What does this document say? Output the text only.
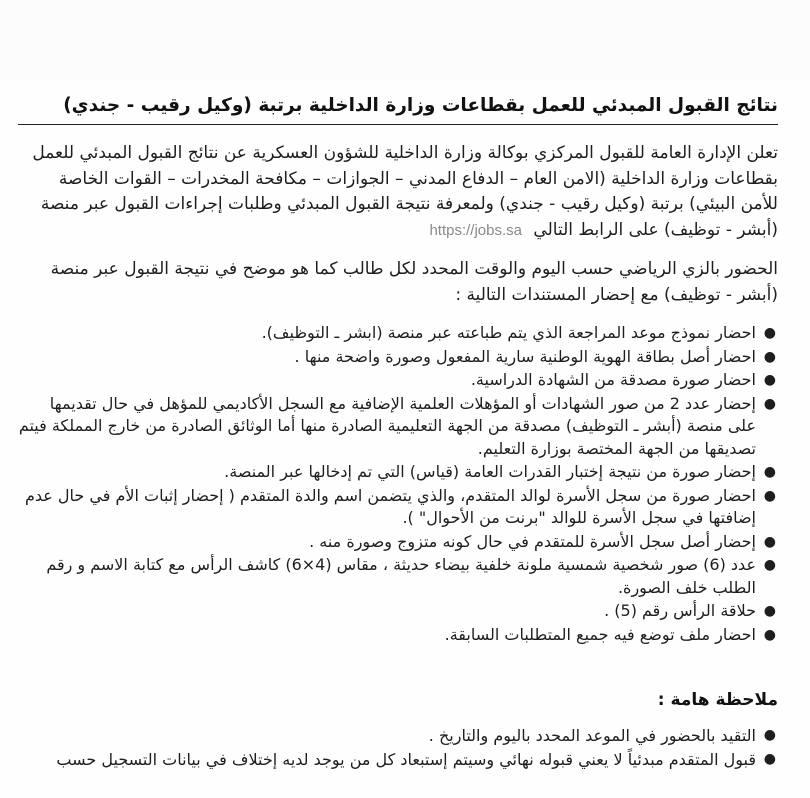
نتائج القبول المبدئي للعمل بقطاعات وزارة الداخلية برتبة (وكيل رقيب - جندي)

تعلن الإدارة العامة للقبول المركزي بوكالة وزارة الداخلية للشؤون العسكرية عن نتائج القبول المبدئي للعمل بقطاعات وزارة الداخلية (الامن العام – الدفاع المدني – الجوازات – مكافحة المخدرات – القوات الخاصة للأمن البيئي) برتبة (وكيل رقيب - جندي) ولمعرفة نتيجة القبول المبدئي وطلبات إجراءات القبول عبر منصة (أبشر - توظيف) على الرابط التالي https://jobs.sa

الحضور بالزي الرياضي حسب اليوم والوقت المحدد لكل طالب كما هو موضح في نتيجة القبول عبر منصة (أبشر - توظيف) مع إحضار المستندات التالية :

●
احضار نموذج موعد المراجعة الذي يتم طباعته عبر منصة (ابشر ـ التوظيف).
●
احضار أصل بطاقة الهوية الوطنية سارية المفعول وصورة واضحة منها .
●
احضار صورة مصدقة من الشهادة الدراسية.
●
إحضار عدد 2 من صور الشهادات أو المؤهلات العلمية الإضافية مع السجل الأكاديمي للمؤهل في حال تقديمها على منصة (أبشر ـ التوظيف) مصدقة من الجهة التعليمية الصادرة منها أما الوثائق الصادرة من خارج المملكة فيتم تصديقها من الجهة المختصة بوزارة التعليم.
●
إحضار صورة من نتيجة إختبار القدرات العامة (قياس) التي تم إدخالها عبر المنصة.
●
احضار صورة من سجل الأسرة لوالد المتقدم، والذي يتضمن اسم والدة المتقدم ( إحضار إثبات الأم في حال عدم إضافتها في سجل الأسرة للوالد "برنت من الأحوال" ).
●
إحضار أصل سجل الأسرة للمتقدم في حال كونه متزوج وصورة منه .
●
عدد (6) صور شخصية شمسية ملونة خلفية بيضاء حديثة ، مقاس (4×6) كاشف الرأس مع كتابة الاسم و رقم الطلب خلف الصورة.
●
حلاقة الرأس رقم (5) .
●
احضار ملف توضع فيه جميع المتطلبات السابقة.
ملاحظة هامة :
●
التقيد بالحضور في الموعد المحدد باليوم والتاريخ .
●
قبول المتقدم مبدئياً لا يعني قبوله نهائي وسيتم إستبعاد كل من يوجد لديه إختلاف في بيانات التسجيل حسب
